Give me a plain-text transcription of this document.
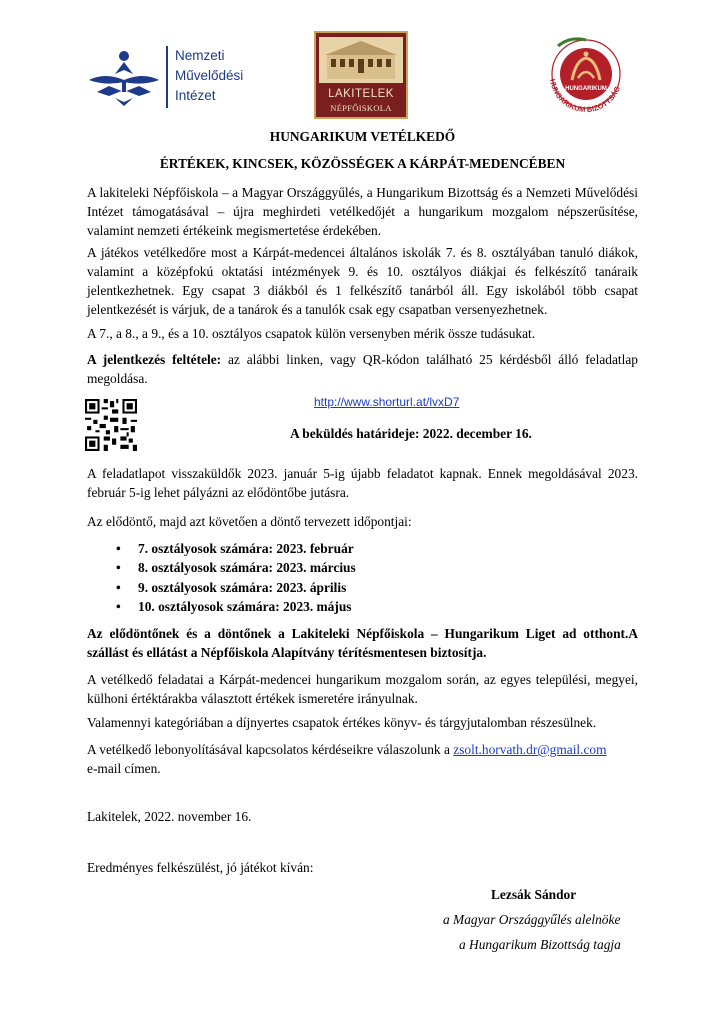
Nemzeti
Művelődési
Intézet	LAKITELEK
NÉPFŐISKOLA
HUNGARIKUM
HUNGARIKUM BIZOTTSÁG
HUNGARIKUM VETÉLKEDŐ
ÉRTÉKEK, KINCSEK, KÖZÖSSÉGEK A KÁRPÁT-MEDENCÉBEN

A lakiteleki Népfőiskola – a Magyar Országgyűlés, a Hungarikum Bizottság és a Nemzeti Művelődési Intézet támogatásával – újra meghirdeti vetélkedőjét a hungarikum mozgalom népszerűsítése, valamint nemzeti értékeink megismertetése érdekében.

A játékos vetélkedőre most a Kárpát-medencei általános iskolák 7. és 8. osztályában tanuló diákok, valamint a középfokú oktatási intézmények 9. és 10. osztályos diákjai és felkészítő tanáraik jelentkezhetnek. Egy csapat 3 diákból és 1 felkészítő tanárból áll. Egy iskolából több csapat jelentkezését is várjuk, de a tanárok és a tanulók csak egy csapatban versenyezhetnek.

A 7., a 8., a 9., és a 10. osztályos csapatok külön versenyben mérik össze tudásukat.

A jelentkezés feltétele: az alábbi linken, vagy QR-kódon található 25 kérdésből álló feladatlap megoldása.

http://www.shorturl.at/lvxD7
A beküldés határideje: 2022. december 16.

A feladatlapot visszaküldők 2023. január 5-ig újabb feladatot kapnak. Ennek megoldásával 2023. február 5-ig lehet pályázni az elődöntőbe jutásra.

Az elődöntő, majd azt követően a döntő tervezett időpontjai:

• 7. osztályosok számára: 2023. február
• 8. osztályosok számára: 2023. március
• 9. osztályosok számára: 2023. április
• 10. osztályosok számára: 2023. május

Az elődöntőnek és a döntőnek a Lakiteleki Népfőiskola – Hungarikum Liget ad otthont.A szállást és ellátást a Népfőiskola Alapítvány térítésmentesen biztosítja.

A vetélkedő feladatai a Kárpát-medencei hungarikum mozgalom során, az egyes települési, megyei, külhoni értéktárakba választott értékek ismeretére irányulnak.

Valamennyi kategóriában a díjnyertes csapatok értékes könyv- és tárgyjutalomban részesülnek.

A vetélkedő lebonyolításával kapcsolatos kérdéseikre válaszolunk a zsolt.horvath.dr@gmail.com
e-mail címen.

Lakitelek, 2022. november 16.
Eredményes felkészülést, jó játékot kíván:
Lezsák Sándor
a Magyar Országgyűlés alelnöke
a Hungarikum Bizottság tagja
